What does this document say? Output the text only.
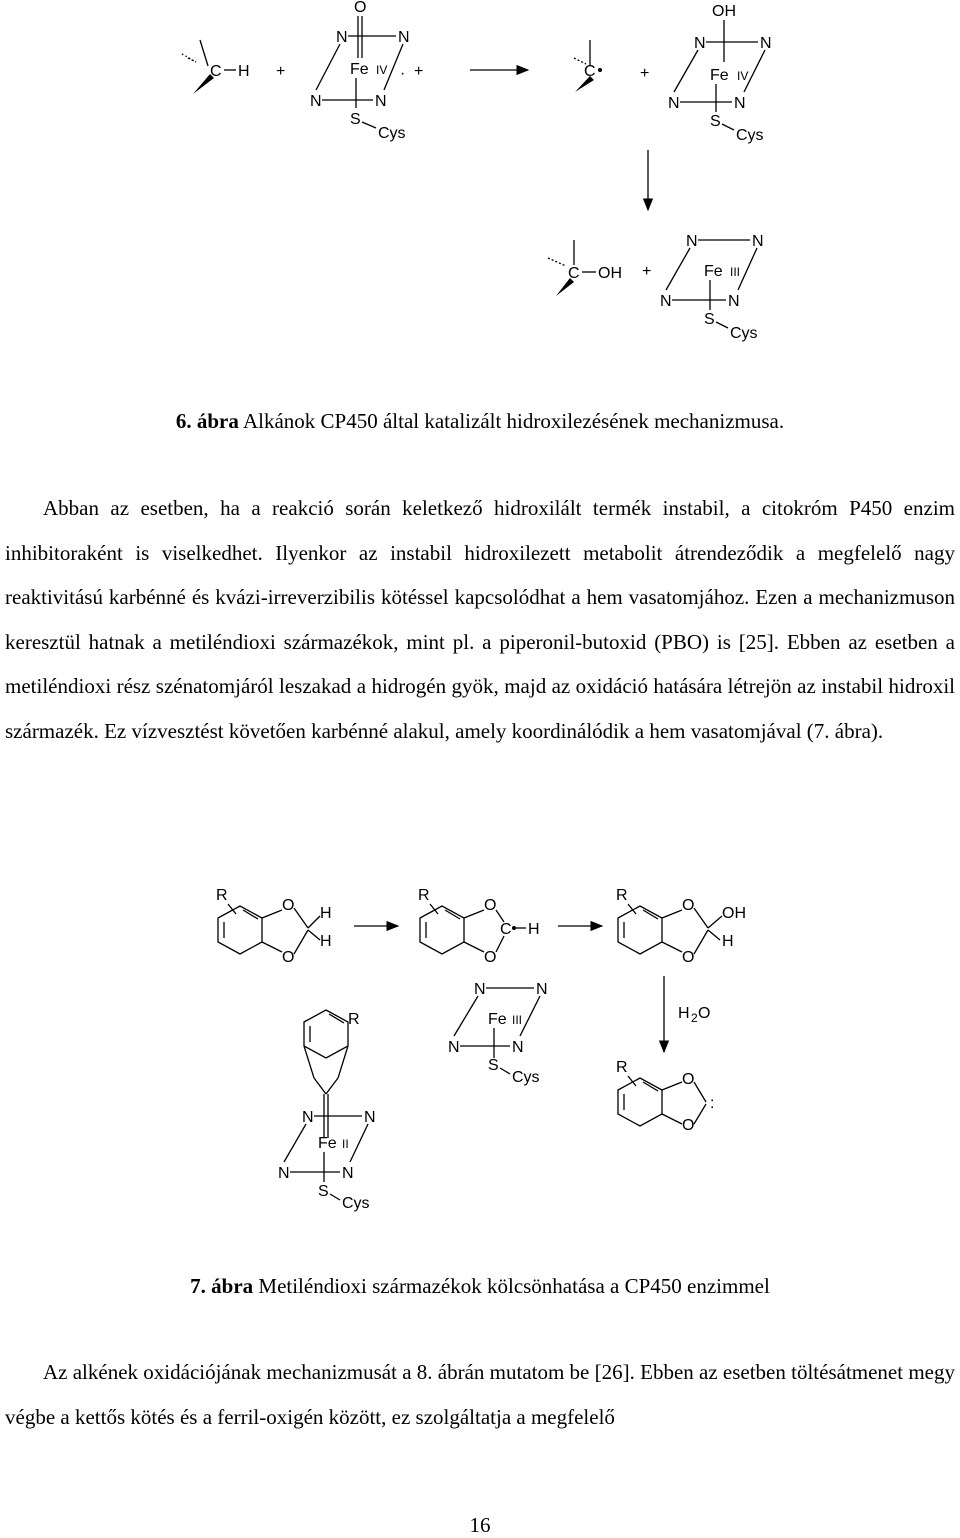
C H +
O
N	N
N	N
Fe IV
S
Cys
· +	C	+
OH
N	N
N	N
Fe IV
S
Cys
C OH +
N	N
N	N
Fe III
S
Cys
6. ábra Alkánok CP450 által katalizált hidroxilezésének mechanizmusa.

Abban az esetben, ha a reakció során keletkező hidroxilált termék instabil, a citokróm P450 enzim inhibitoraként is viselkedhet. Ilyenkor az instabil hidroxilezett metabolit átrendeződik a megfelelő nagy reaktivitású karbénné és kvázi-irreverzibilis kötéssel kapcsolódhat a hem vasatomjához. Ezen a mechanizmuson keresztül hatnak a metiléndioxi származékok, mint pl. a piperonil-butoxid (PBO) is [25]. Ebben az esetben a metiléndioxi rész szénatomjáról leszakad a hidrogén gyök, majd az oxidáció hatására létrejön az instabil hidroxil származék. Ez vízvesztést követően karbénné alakul, amely koordinálódik a hem vasatomjával (7. ábra).

R
O
O
H
H
R
O
O
C H
R
O
O
OH
H
H 2 O
R
O
O
:
N	N
N	N
Fe III
S
Cys
R
N	N
N	N
Fe II
S
Cys
7. ábra Metiléndioxi származékok kölcsönhatása a CP450 enzimmel

Az alkének oxidációjának mechanizmusát a 8. ábrán mutatom be [26]. Ebben az esetben töltésátmenet megy végbe a kettős kötés és a ferril-oxigén között, ez szolgáltatja a megfelelő

16
